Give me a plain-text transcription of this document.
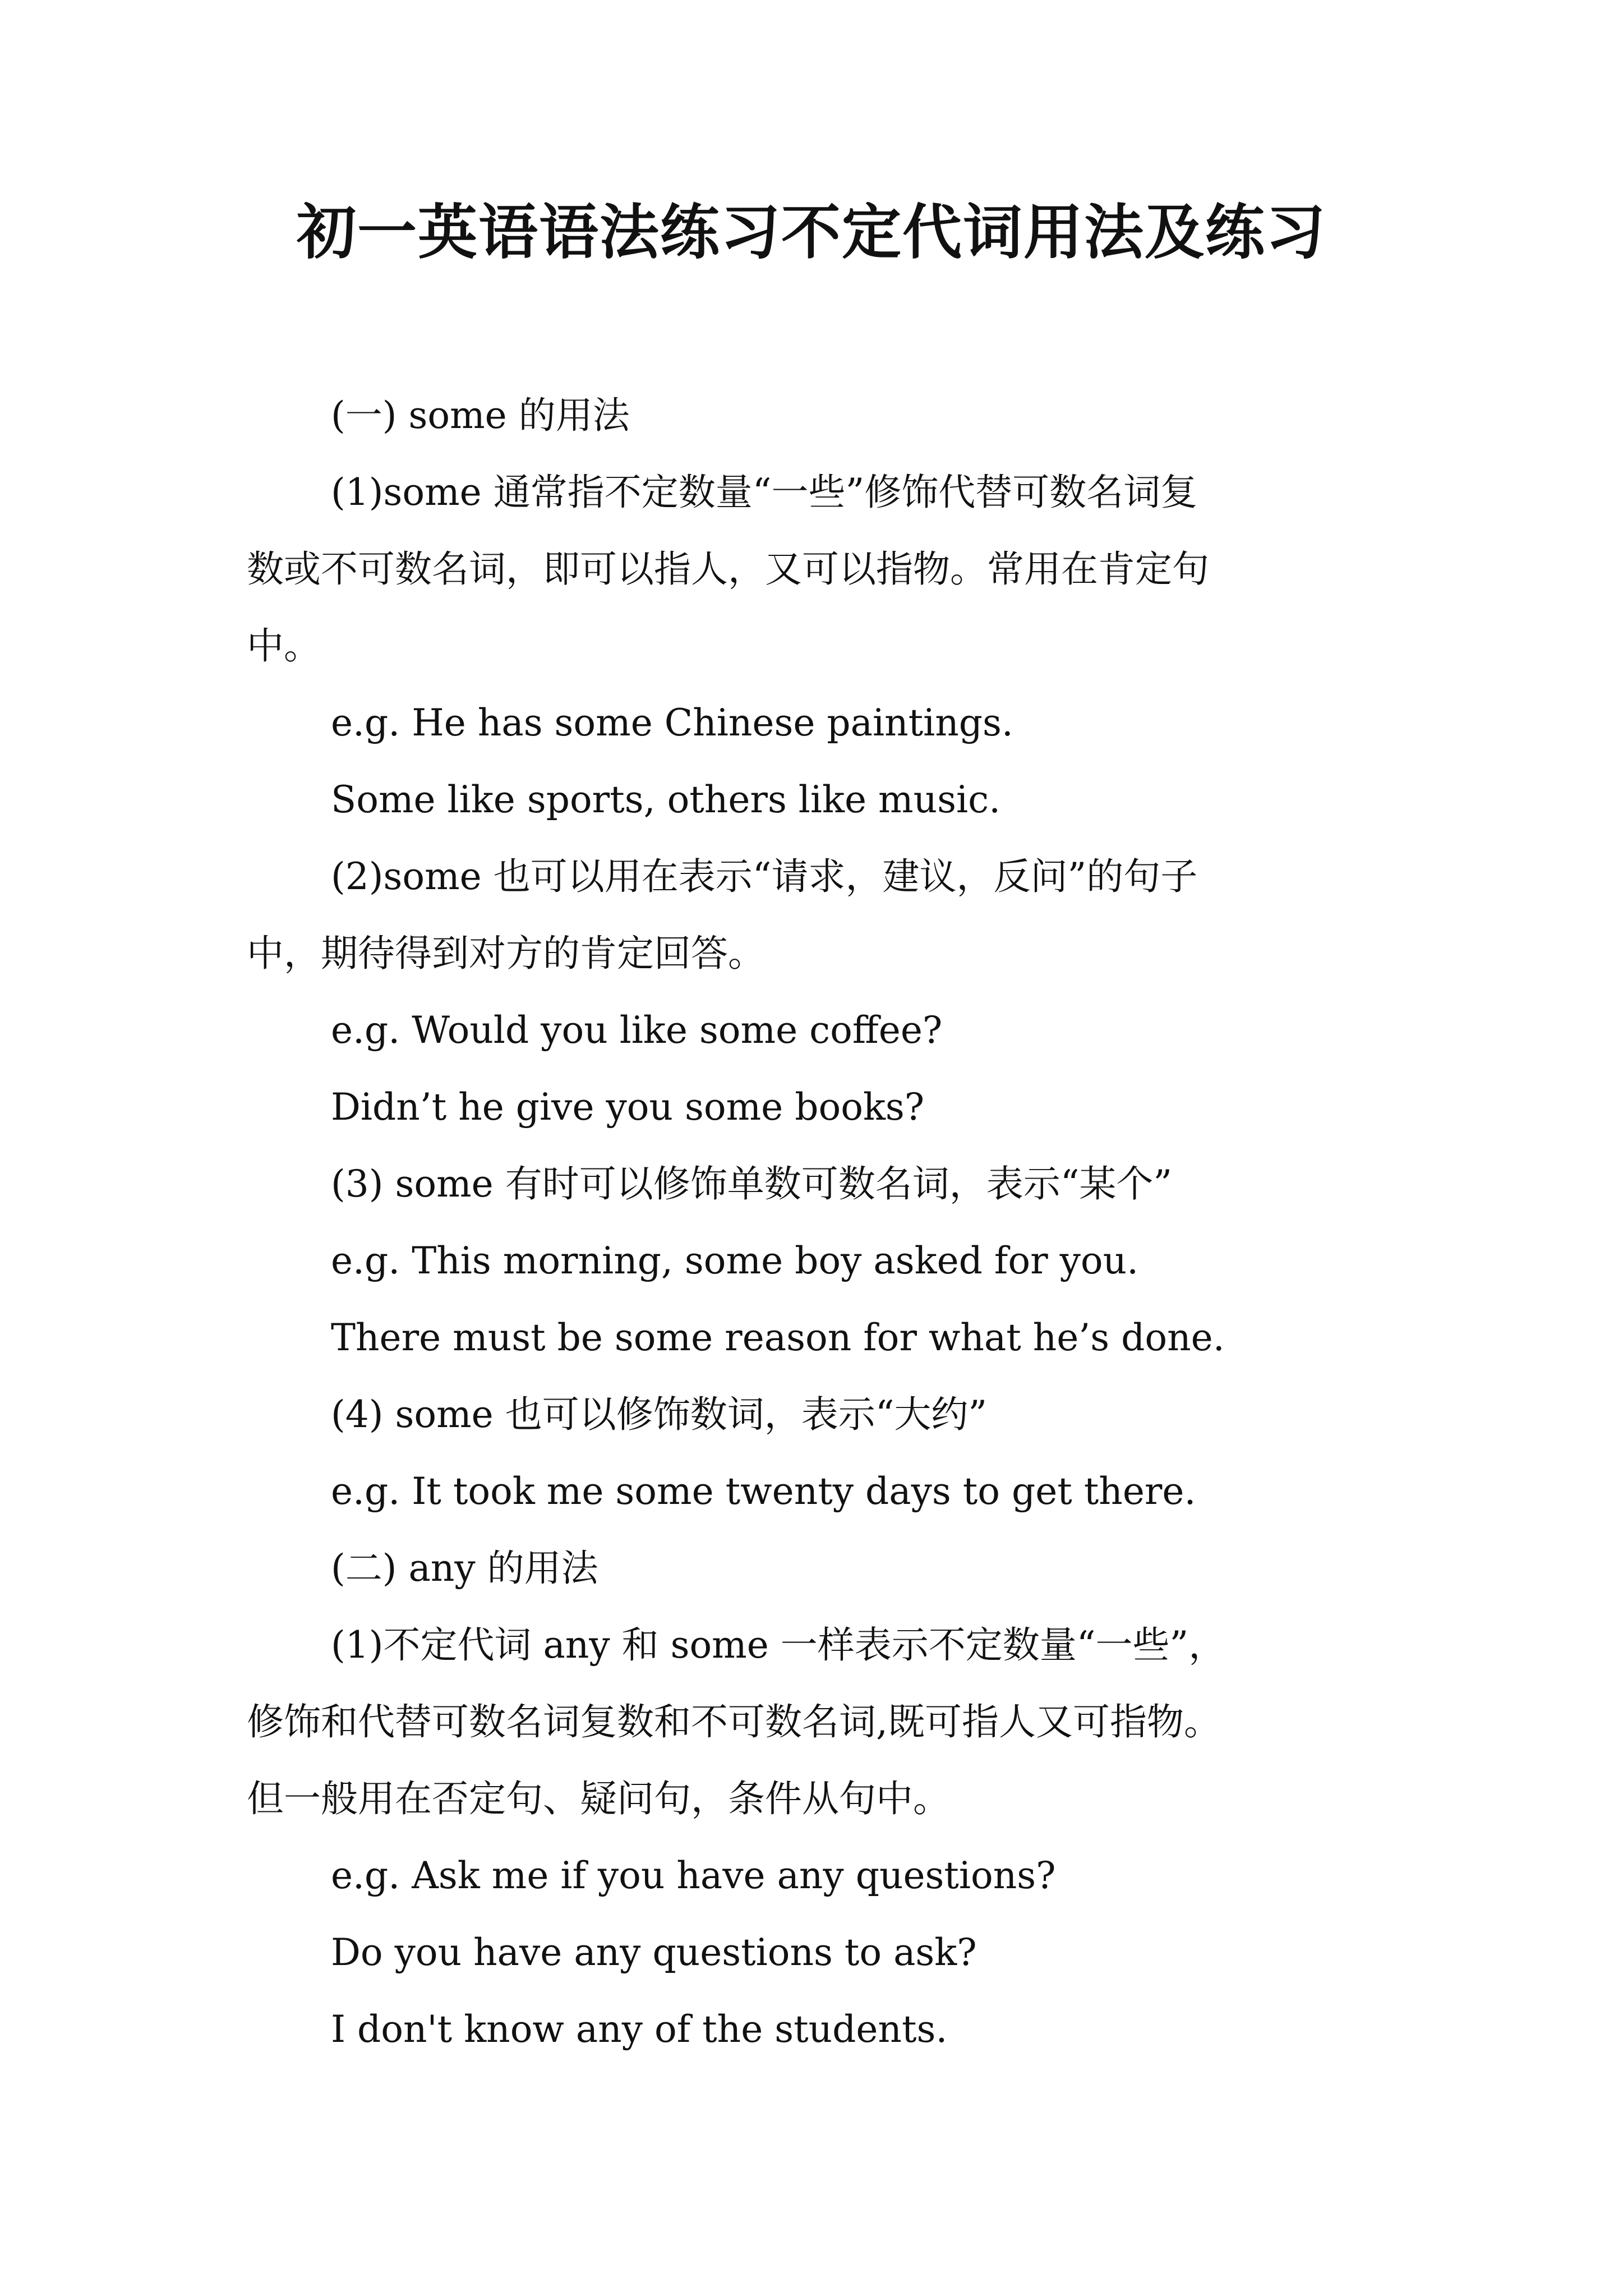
初一英语语法练习不定代词用法及练习

(一) some 的用法

(1)some 通常指不定数量“一些”修饰代替可数名词复
数或不可数名词，即可以指人，又可以指物。常用在肯定句
中。

e.g. He has some Chinese paintings.

Some like sports, others like music.

(2)some 也可以用在表示“请求，建议，反问”的句子
中，期待得到对方的肯定回答。

e.g. Would you like some coffee?

Didn’t he give you some books?

(3) some 有时可以修饰单数可数名词，表示“某个”

e.g. This morning, some boy asked for you.

There must be some reason for what he’s done.

(4) some 也可以修饰数词，表示“大约”

e.g. It took me some twenty days to get there.

(二) any 的用法

(1)不定代词 any 和 some 一样表示不定数量“一些”，
修饰和代替可数名词复数和不可数名词,既可指人又可指物。
但一般用在否定句、疑问句，条件从句中。

e.g. Ask me if you have any questions?

Do you have any questions to ask?

I don't know any of the students.
